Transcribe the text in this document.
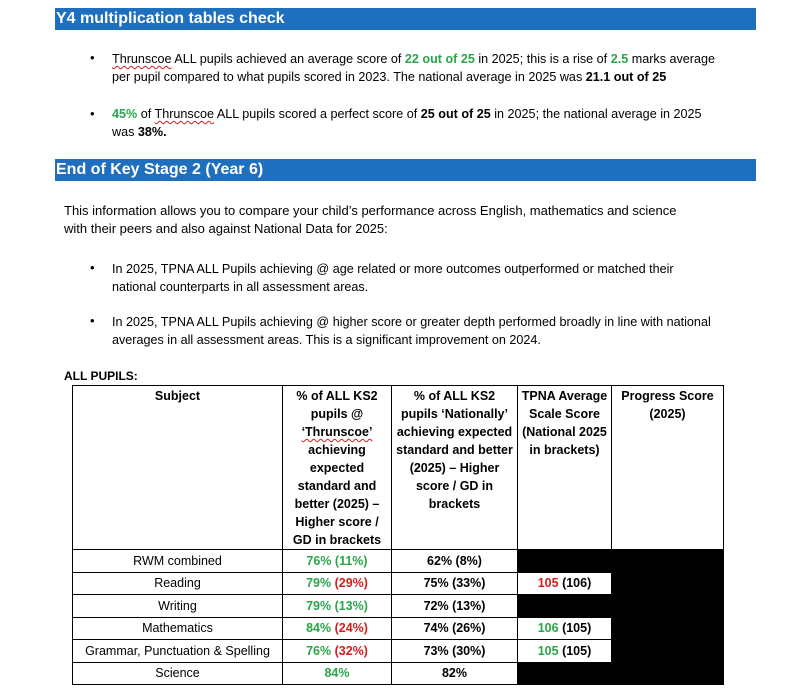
Y4 multiplication tables check
• Thrunscoe ALL pupils achieved an average score of 22 out of 25 in 2025; this is a rise of 2.5 marks average
per pupil compared to what pupils scored in 2023. The national average in 2025 was 21.1 out of 25
• 45% of Thrunscoe ALL pupils scored a perfect score of 25 out of 25 in 2025; the national average in 2025
was 38%.
End of Key Stage 2 (Year 6)
This information allows you to compare your child’s performance across English, mathematics and science
with their peers and also against National Data for 2025:
• In 2025, TPNA ALL Pupils achieving @ age related or more outcomes outperformed or matched their
national counterparts in all assessment areas.
• In 2025, TPNA ALL Pupils achieving @ higher score or greater depth performed broadly in line with national
averages in all assessment areas. This is a significant improvement on 2024.
ALL PUPILS:
Subject	% of ALL KS2 pupils @
‘Thrunscoe’
achieving expected standard and better (2025) – Higher score / GD in brackets	% of ALL KS2 pupils ‘Nationally’ achieving expected standard and better (2025) – Higher score / GD in brackets	TPNA Average Scale Score (National 2025 in brackets)	Progress Score (2025)
RWM combined	76% (11%)	62% (8%)		
Reading	79% (29%)	75% (33%)	105 (106)	
Writing	79% (13%)	72% (13%)		
Mathematics	84% (24%)	74% (26%)	106 (105)	
Grammar, Punctuation & Spelling	76% (32%)	73% (30%)	105 (105)	
Science	84%	82%		
